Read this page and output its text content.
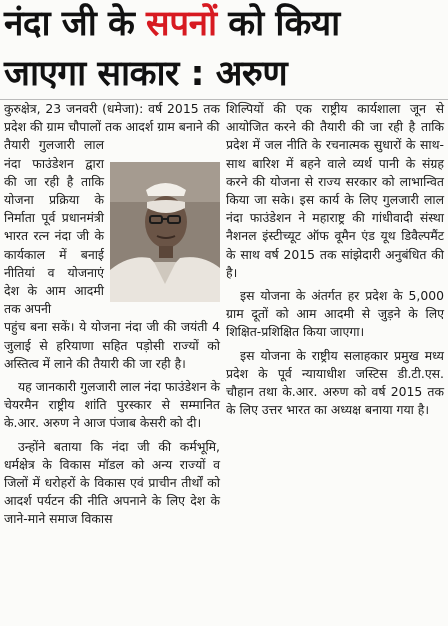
नंदा जी के सपनों को किया
जाएगा साकार : अरुण

कुरुक्षेत्र, 23 जनवरी (धमेजा): वर्ष 2015 तक प्रदेश की ग्राम चौपालों तक आदर्श ग्राम बनाने की

तैयारी गुलजारी लाल नंदा फाउंडेशन द्वारा की जा रही है ताकि योजना प्रक्रिया के निर्माता पूर्व प्रधानमंत्री भारत रत्न नंदा जी के कार्यकाल में बनाई नीतियां व योजनाएं देश के आम आदमी तक अपनी

पहुंच बना सकें। ये योजना नंदा जी की जयंती 4 जुलाई से हरियाणा सहित पड़ोसी राज्यों को अस्तित्व में लाने की तैयारी की जा रही है।

यह जानकारी गुलजारी लाल नंदा फाउंडेशन के चेयरमैन राष्ट्रीय शांति पुरस्कार से सम्मानित के.आर. अरुण ने आज पंजाब केसरी को दी।

उन्होंने बताया कि नंदा जी की कर्मभूमि, धर्मक्षेत्र के विकास मॉडल को अन्य राज्यों व जिलों में धरोहरों के विकास एवं प्राचीन तीर्थों को आदर्श पर्यटन की नीति अपनाने के लिए देश के जाने-माने समाज विकास

शिल्पियों की एक राष्ट्रीय कार्यशाला जून से आयोजित करने की तैयारी की जा रही है ताकि प्रदेश में जल नीति के रचनात्मक सुधारों के साथ-साथ बारिश में बहने वाले व्यर्थ पानी के संग्रह करने की योजना से राज्य सरकार को लाभान्वित किया जा सके। इस कार्य के लिए गुलजारी लाल नंदा फाउंडेशन ने महाराष्ट्र की गांधीवादी संस्था नैशनल इंस्टीच्यूट ऑफ वूमैन एंड यूथ डिवैल्पमैंट के साथ वर्ष 2015 तक सांझेदारी अनुबंधित की है।

इस योजना के अंतर्गत हर प्रदेश के 5,000 ग्राम दूतों को आम आदमी से जुड़ने के लिए शिक्षित-प्रशिक्षित किया जाएगा।

इस योजना के राष्ट्रीय सलाहकार प्रमुख मध्य प्रदेश के पूर्व न्यायाधीश जस्टिस डी.टी.एस. चौहान तथा के.आर. अरुण को वर्ष 2015 तक के लिए उत्तर भारत का अध्यक्ष बनाया गया है।
